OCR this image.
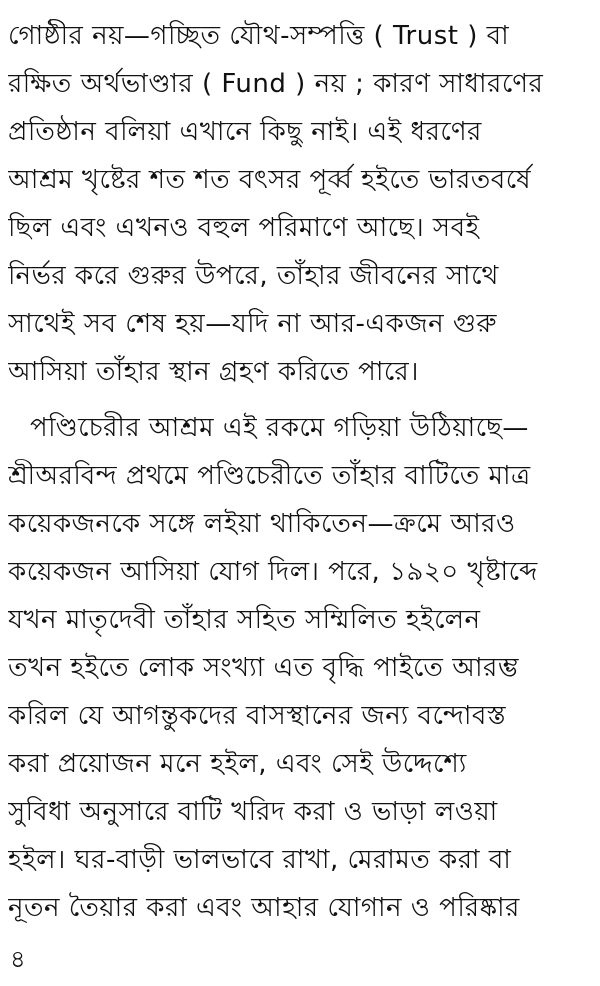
গোষ্ঠীর নয়—গচ্ছিত যৌথ-সম্পত্তি ( Trust ) বা
রক্ষিত অর্থভাণ্ডার ( Fund ) নয় ; কারণ সাধারণের
প্রতিষ্ঠান বলিয়া এখানে কিছু নাই। এই ধরণের
আশ্রম খৃষ্টের শত শত বৎসর পূর্ব্ব হইতে ভারতবর্ষে
ছিল এবং এখনও বহুল পরিমাণে আছে। সবই
নির্ভর করে গুরুর উপরে, তাঁহার জীবনের সাথে
সাথেই সব শেষ হয়—যদি না আর-একজন গুরু
আসিয়া তাঁহার স্থান গ্রহণ করিতে পারে।
পণ্ডিচেরীর আশ্রম এই রকমে গড়িয়া উঠিয়াছে—
শ্রীঅরবিন্দ প্রথমে পণ্ডিচেরীতে তাঁহার বাটিতে মাত্র
কয়েকজনকে সঙ্গে লইয়া থাকিতেন—ক্রমে আরও
কয়েকজন আসিয়া যোগ দিল। পরে, ১৯২০ খৃষ্টাব্দে
যখন মাতৃদেবী তাঁহার সহিত সম্মিলিত হইলেন
তখন হইতে লোক সংখ্যা এত বৃদ্ধি পাইতে আরম্ভ
করিল যে আগন্তুকদের বাসস্থানের জন্য বন্দোবস্ত
করা প্রয়োজন মনে হইল, এবং সেই উদ্দেশ্যে
সুবিধা অনুসারে বাটি খরিদ করা ও ভাড়া লওয়া
হইল। ঘর-বাড়ী ভালভাবে রাখা, মেরামত করা বা
নূতন তৈয়ার করা এবং আহার যোগান ও পরিষ্কার
৪
